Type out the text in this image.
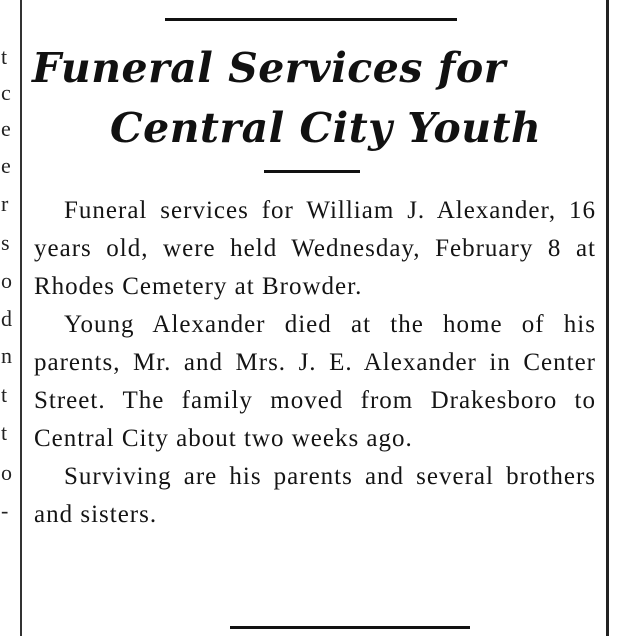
t
c
e
e
r
s
o
d
n
t
t
o
-
Funeral Services for
Central City Youth

Funeral services for William J. Alexander, 16 years old, were held Wednesday, February 8 at Rhodes Cemetery at Browder.

Young Alexander died at the home of his parents, Mr. and Mrs. J. E. Alexander in Center Street. The family moved from Drakesboro to Central City about two weeks ago.

Surviving are his parents and several brothers and sisters.
